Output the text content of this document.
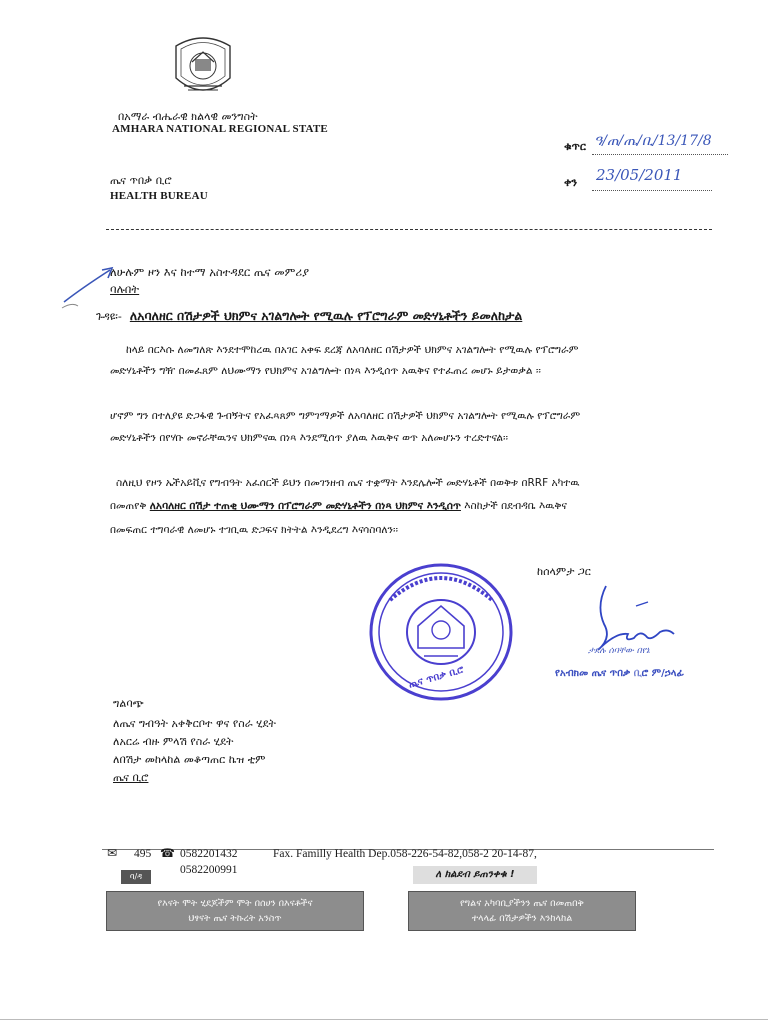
በአማራ ብሔራዊ ክልላዊ መንግስት
AMHARA NATIONAL REGIONAL STATE
ጤና ጥበቃ ቢሮ
HEALTH BUREAU
ቁጥር ዓ/ጠ/ጤ/ቢ/13/17/8
ቀን 23/05/2011
ለሁሉም ዞን እና ከተማ አስተዳደር ጤና መምሪያ
ባሉበት
ጉዳዩ፡- ለአባለዘር በሽታዎች ህክምና አገልግሎት የሚዉሉ የፕሮግራም መድሃኒቶችን ይመለከታል
ከላይ በርእሱ ለመግለጽ እንደተሞከረዉ በአገር አቀፍ ደረጃ ለአባለዘር በሽታዎች ህክምና አገልግሎት የሚዉሉ የፕሮግራም
መድሃኒቶችን ግዥ በመፈጸም ለህሙማን የህክምና አገልግሎት በነጻ እንዲሰጥ አዉቅና የተፈጠረ መሆኑ ይታወቃል ፡፡
ሆኖም ግን በተለያዩ ድጋፋዊ ጉብኝትና የአፈጻጸም ግምገማዎች ለአባለዘር በሽታዎች ህክምና አገልግሎት የሚዉሉ የፕሮግራም
መድሃኒቶችን በየሃቡ መኖራቸዉንና ህክምናዉ በነጻ እንደሚሰጥ ያለዉ እዉቅና ወጥ አለመሆኑን ተረድተናል፡፡
ስለዚህ የዞን ኤችአይቪና የግብዓት አፈሰርች ይህን በመገንዘብ ጤና ተቋማት እንደሌሎች መድሃኒቶች በወቅቱ በRRF አካተዉ
በመጠየቅ ለአባለዘር በሽታ ተጠቂ ህሙማን በፕሮግራም መድሃኒቶችን በነጻ ህክምና እንዲሰጥ እስከታች በደብዳቤ እዉቅና
በመፍጠር ተግባራዊ ለመሆኑ ተገቢዉ ድጋፍና ክትትል እንዲደረግ እናሳስባለን፡፡
ከሰላምታ ጋር
ጤና ጥበቃ ቢሮ
ታደሉ ሰባቸው በየኔ
የአብክመ ጤና ጥበቃ ቢሮ ም/ኃላፊ
ግልባጭ
ለጤና ግብዓት አቀቅርቦተ ዋና የስራ ሂደት
ለአርሬ ብዙ ምላሽ የስራ ሂደት
ለበሽታ መከላከል መቆጣጠር ኬዝ ቲም
ጤና ቢሮ
✉ 495 ☎ 0582201432	Fax. Familly Health Dep.058-226-54-82,058-2 20-14-87,
0582200991
ባ/ዳ	ለ ክልደብ ይጠንቀቁ !
የእናት ሞት ሂደጆችም ሞት በሰሀን በእናቶችና
ህፃናት ጤና ትኩረት አንስጥ
የግልና አካባቢያችንን ጤና በመጠበቅ
ተላላፊ በሽታዎችን እንከላከል
